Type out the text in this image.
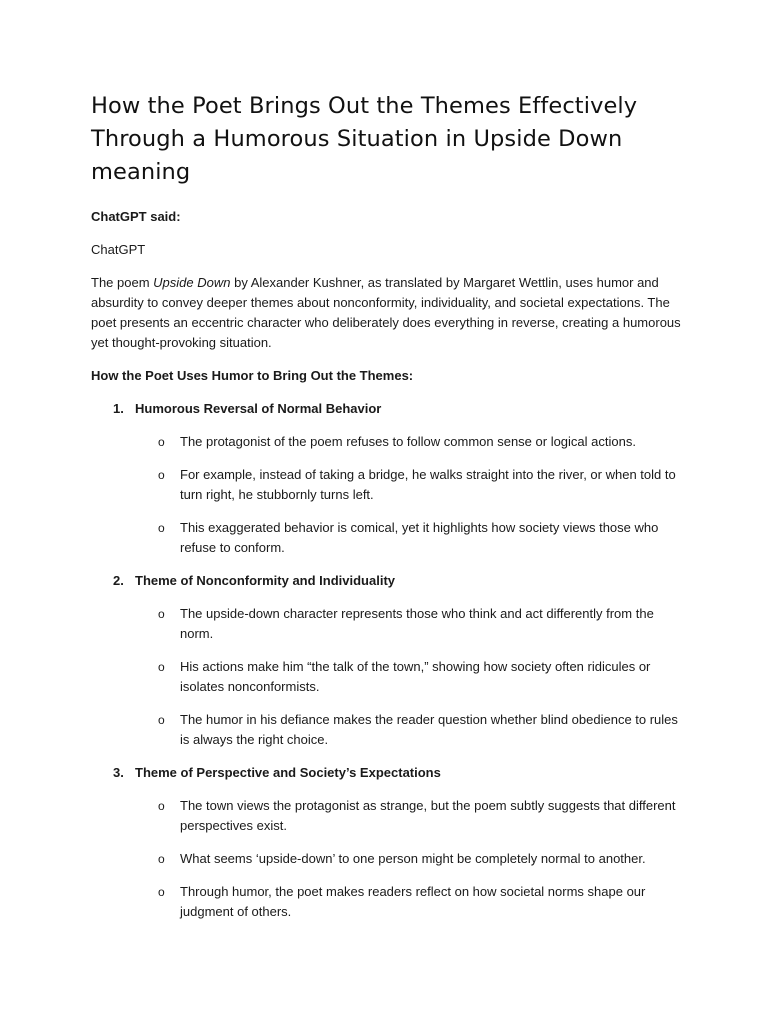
How the Poet Brings Out the Themes Effectively Through a Humorous Situation in Upside Down meaning

ChatGPT said:

ChatGPT

The poem Upside Down by Alexander Kushner, as translated by Margaret Wettlin, uses humor and absurdity to convey deeper themes about nonconformity, individuality, and societal expectations. The poet presents an eccentric character who deliberately does everything in reverse, creating a humorous yet thought-provoking situation.

How the Poet Uses Humor to Bring Out the Themes:

1. Humorous Reversal of Normal Behavior
o The protagonist of the poem refuses to follow common sense or logical actions.
o For example, instead of taking a bridge, he walks straight into the river, or when told to turn right, he stubbornly turns left.
o This exaggerated behavior is comical, yet it highlights how society views those who refuse to conform.
2. Theme of Nonconformity and Individuality
o The upside-down character represents those who think and act differently from the norm.
o His actions make him “the talk of the town,” showing how society often ridicules or isolates nonconformists.
o The humor in his defiance makes the reader question whether blind obedience to rules is always the right choice.
3. Theme of Perspective and Society’s Expectations
o The town views the protagonist as strange, but the poem subtly suggests that different perspectives exist.
o What seems ‘upside-down’ to one person might be completely normal to another.
o Through humor, the poet makes readers reflect on how societal norms shape our judgment of others.
